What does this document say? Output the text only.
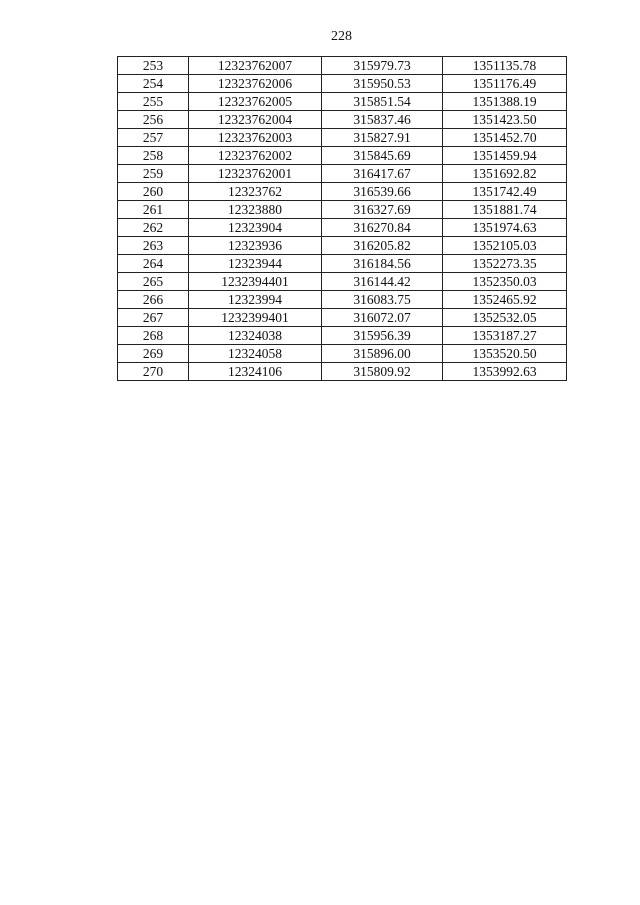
228
253	12323762007	315979.73	1351135.78
254	12323762006	315950.53	1351176.49
255	12323762005	315851.54	1351388.19
256	12323762004	315837.46	1351423.50
257	12323762003	315827.91	1351452.70
258	12323762002	315845.69	1351459.94
259	12323762001	316417.67	1351692.82
260	12323762	316539.66	1351742.49
261	12323880	316327.69	1351881.74
262	12323904	316270.84	1351974.63
263	12323936	316205.82	1352105.03
264	12323944	316184.56	1352273.35
265	1232394401	316144.42	1352350.03
266	12323994	316083.75	1352465.92
267	1232399401	316072.07	1352532.05
268	12324038	315956.39	1353187.27
269	12324058	315896.00	1353520.50
270	12324106	315809.92	1353992.63
